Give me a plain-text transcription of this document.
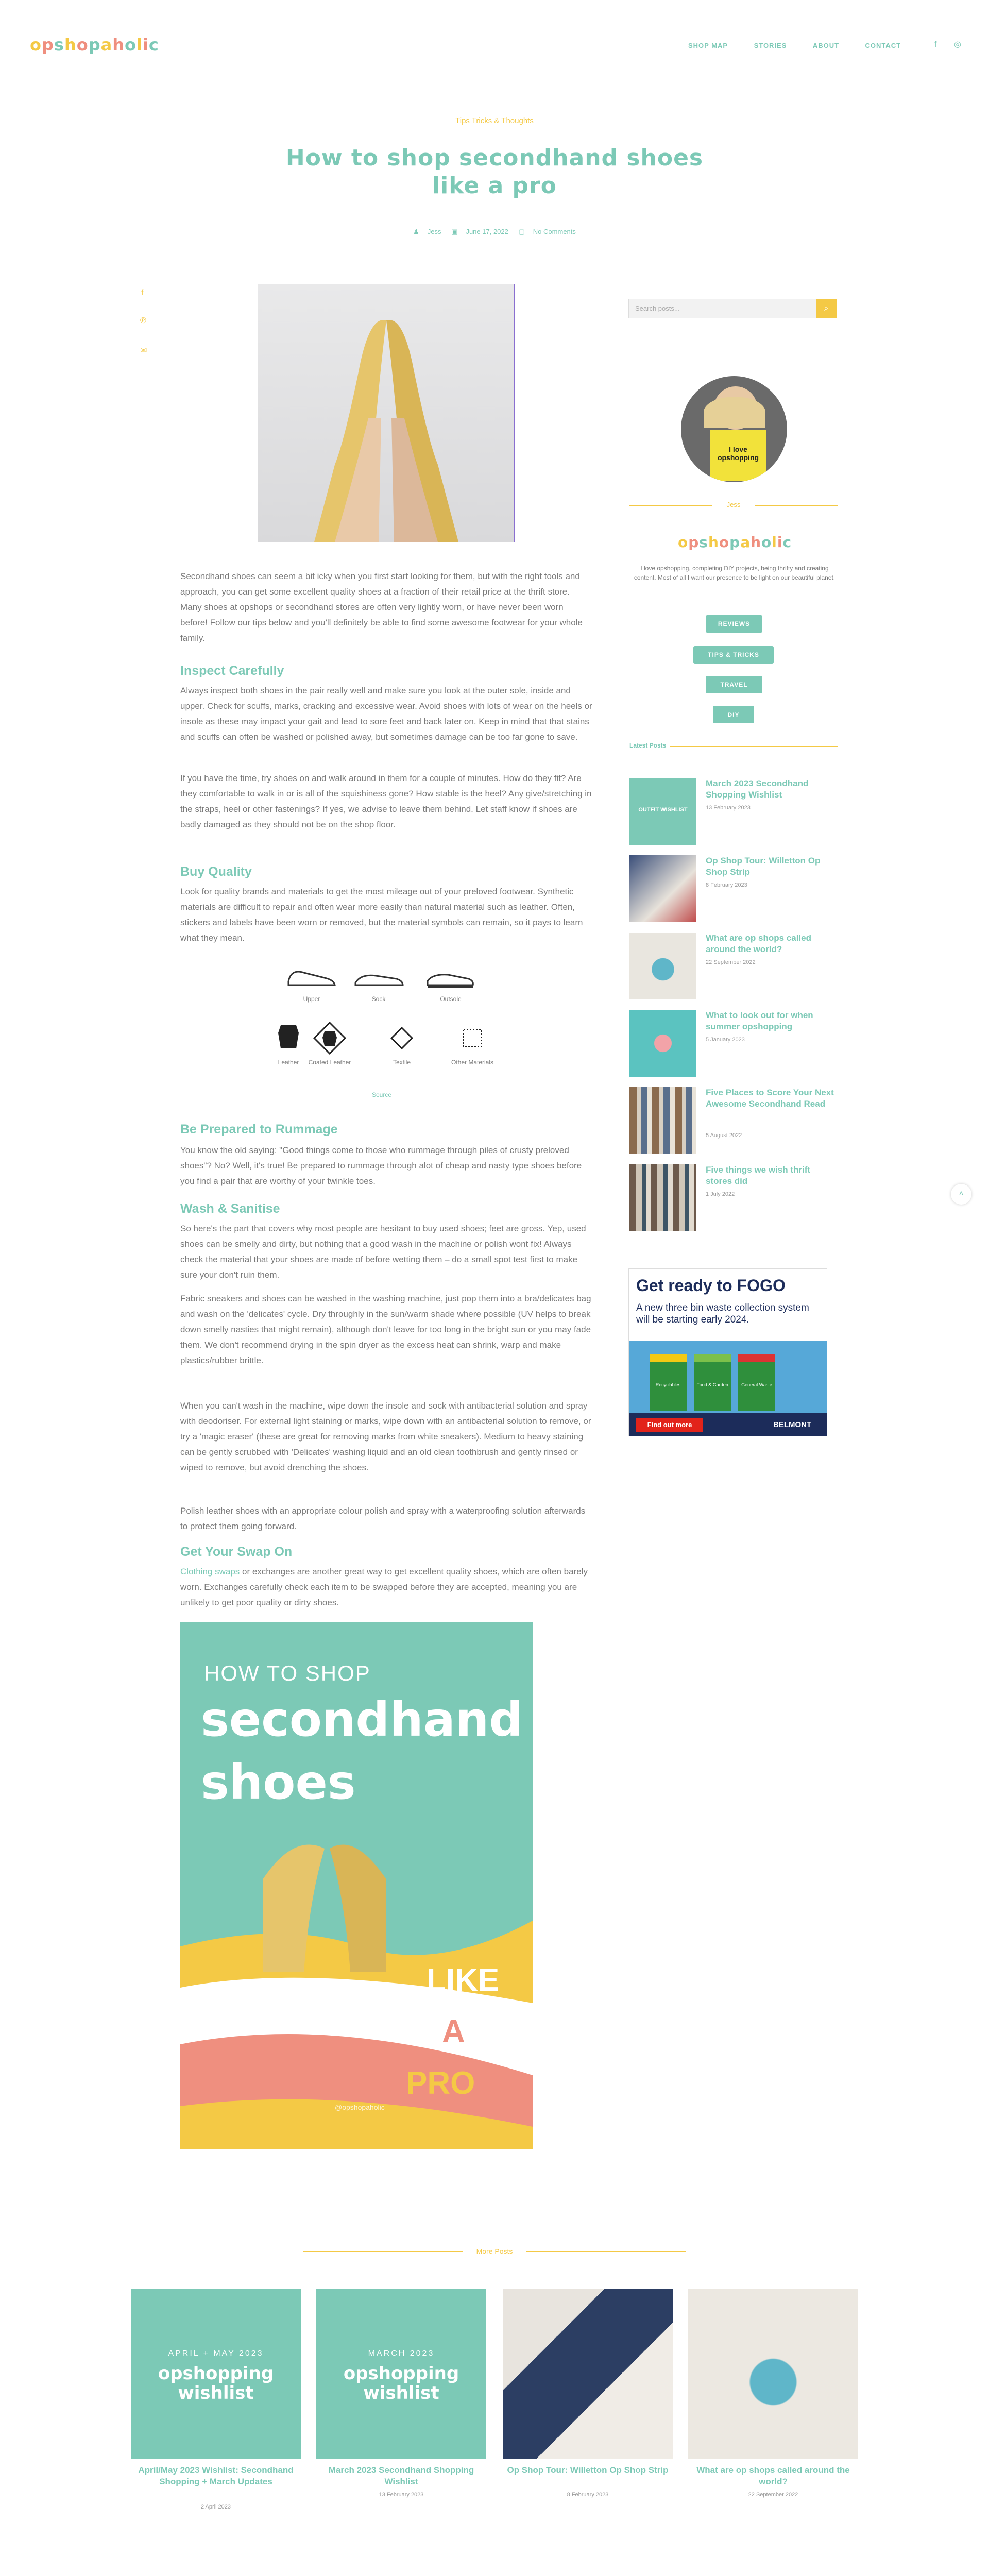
opshopaholic	SHOP MAP	STORIES	ABOUT	CONTACT	f ◎
Tips Tricks & Thoughts
How to shop secondhand shoes
like a pro
♟ Jess ▣ June 17, 2022 ▢ No Comments
f
℗
✉
Secondhand shoes can seem a bit icky when you first start looking for them, but with the right tools and approach, you can get some excellent quality shoes at a fraction of their retail price at the thrift store. Many shoes at opshops or secondhand stores are often very lightly worn, or have never been worn before! Follow our tips below and you'll definitely be able to find some awesome footwear for your whole family.
Inspect Carefully
Always inspect both shoes in the pair really well and make sure you look at the outer sole, inside and upper. Check for scuffs, marks, cracking and excessive wear. Avoid shoes with lots of wear on the heels or insole as these may impact your gait and lead to sore feet and back later on. Keep in mind that that stains and scuffs can often be washed or polished away, but sometimes damage can be too far gone to save.
If you have the time, try shoes on and walk around in them for a couple of minutes. How do they fit? Are they comfortable to walk in or is all of the squishiness gone? How stable is the heel? Any give/stretching in the straps, heel or other fastenings? If yes, we advise to leave them behind. Let staff know if shoes are badly damaged as they should not be on the shop floor.
Buy Quality
Look for quality brands and materials to get the most mileage out of your preloved footwear. Synthetic materials are difficult to repair and often wear more easily than natural material such as leather. Often, stickers and labels have been worn or removed, but the material symbols can remain, so it pays to learn what they mean.
Upper	Sock	Outsole
Leather	Coated Leather	Textile	Other Materials
Source
Be Prepared to Rummage
You know the old saying: "Good things come to those who rummage through piles of crusty preloved shoes"? No? Well, it's true! Be prepared to rummage through alot of cheap and nasty type shoes before you find a pair that are worthy of your twinkle toes.
Wash & Sanitise
So here's the part that covers why most people are hesitant to buy used shoes; feet are gross. Yep, used shoes can be smelly and dirty, but nothing that a good wash in the machine or polish wont fix! Always check the material that your shoes are made of before wetting them – do a small spot test first to make sure your don't ruin them.
Fabric sneakers and shoes can be washed in the washing machine, just pop them into a bra/delicates bag and wash on the 'delicates' cycle. Dry throughly in the sun/warm shade where possible (UV helps to break down smelly nasties that might remain), although don't leave for too long in the bright sun or you may fade them. We don't recommend drying in the spin dryer as the excess heat can shrink, warp and make plastics/rubber brittle.
When you can't wash in the machine, wipe down the insole and sock with antibacterial solution and spray with deodoriser. For external light staining or marks, wipe down with an antibacterial solution to remove, or try a 'magic eraser' (these are great for removing marks from white sneakers). Medium to heavy staining can be gently scrubbed with 'Delicates' washing liquid and an old clean toothbrush and gently rinsed or wiped to remove, but avoid drenching the shoes.
Polish leather shoes with an appropriate colour polish and spray with a waterproofing solution afterwards to protect them going forward.
Get Your Swap On
Clothing swaps or exchanges are another great way to get excellent quality shoes, which are often barely worn. Exchanges carefully check each item to be swapped before they are accepted, meaning you are unlikely to get poor quality or dirty shoes.
HOW TO SHOP
secondhand
shoes
LIKE
A
PRO
@opshopaholic
Search posts...	⌕
I love opshopping
Jess
opshopaholic
I love opshopping, completing DIY projects, being thrifty and creating content. Most of all I want our presence to be light on our beautiful planet.
REVIEWS
TIPS & TRICKS
TRAVEL
DIY
Latest Posts
OUTFIT WISHLIST
March 2023 Secondhand Shopping Wishlist
13 February 2023
Op Shop Tour: Willetton Op Shop Strip
8 February 2023
What are op shops called around the world?
22 September 2022
What to look out for when summer opshopping
5 January 2023
Five Places to Score Your Next Awesome Secondhand Read
5 August 2022
Five things we wish thrift stores did
1 July 2022
Get ready to FOGO
A new three bin waste collection system will be starting early 2024.
Recyclables	Food & Garden	General Waste
Find out more	BELMONT
˄
More Posts
APRIL + MAY 2023
opshopping wishlist
April/May 2023 Wishlist: Secondhand Shopping + March Updates
2 April 2023
MARCH 2023
opshopping wishlist
March 2023 Secondhand Shopping Wishlist
13 February 2023
Op Shop Tour: Willetton Op Shop Strip
8 February 2023
What are op shops called around the world?
22 September 2022
